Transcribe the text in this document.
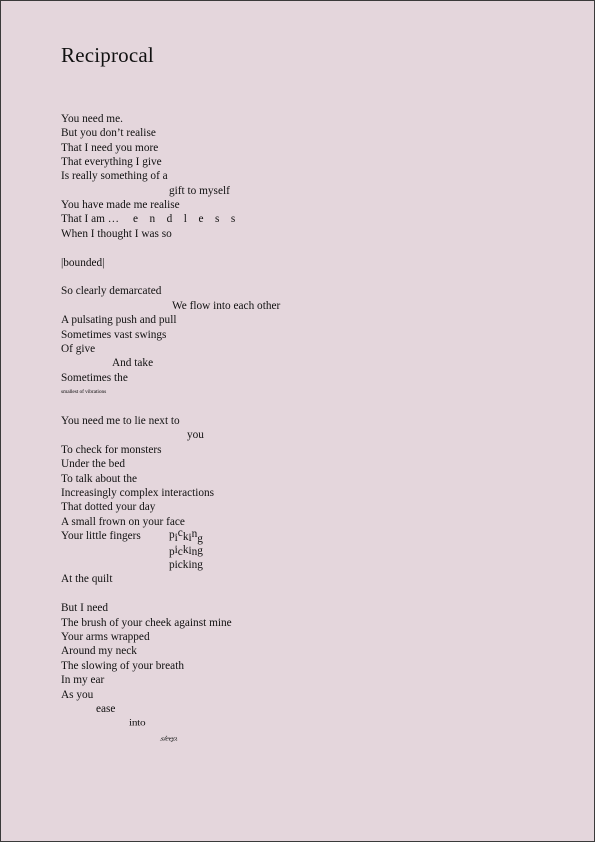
Reciprocal
You need me.
But you don’t realise
That I need you more
That everything I give
Is really something of a
gift to myself
You have made me realise
That I am … endless
When I thought I was so
|bounded|
So clearly demarcated
We flow into each other
A pulsating push and pull
Sometimes vast swings
Of give
And take
Sometimes the
smallest of vibrations
You need me to lie next to
you
To check for monsters
Under the bed
To talk about the
Increasingly complex interactions
That dotted your day
A small frown on your face
Your little fingers picking
picking
picking
At the quilt
But I need
The brush of your cheek against mine
Your arms wrapped
Around my neck
The slowing of your breath
In my ear
As you
ease
into
sleep.
